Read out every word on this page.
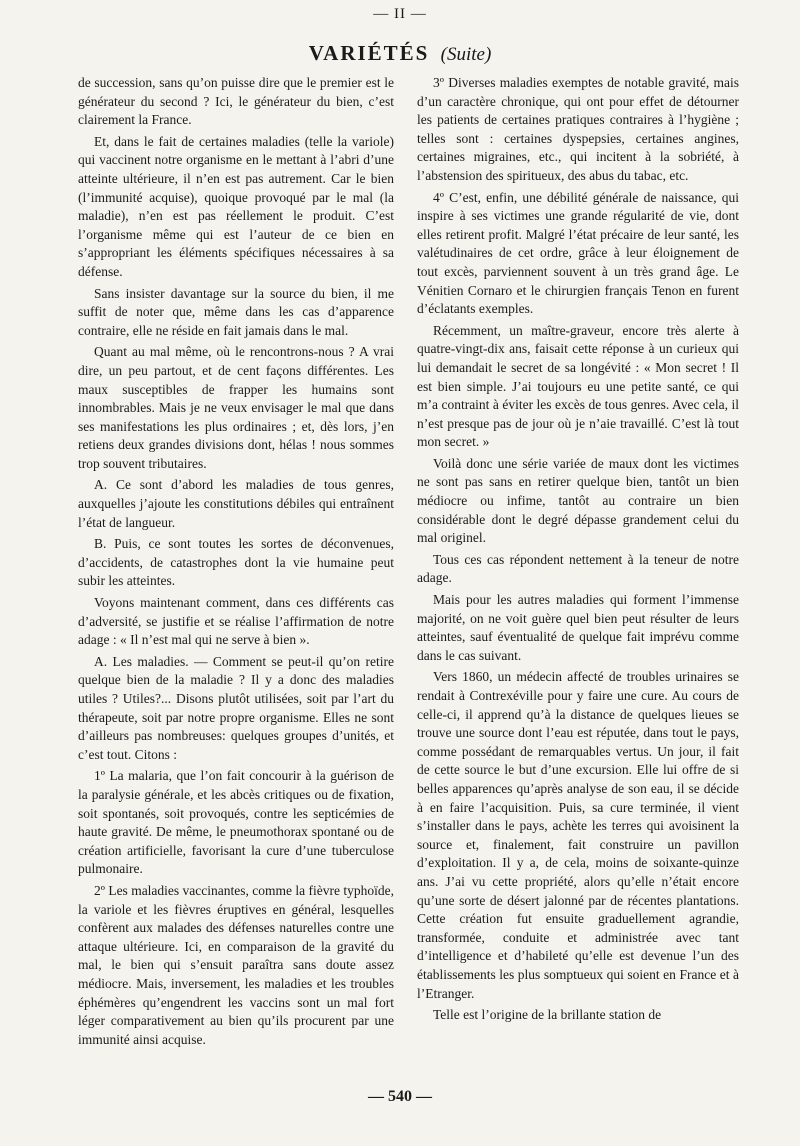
— II —
VARIÉTÉS (Suite)

de succession, sans qu’on puisse dire que le premier est le générateur du second ? Ici, le générateur du bien, c’est clairement la France.

Et, dans le fait de certaines maladies (telle la variole) qui vaccinent notre organisme en le mettant à l’abri d’une atteinte ultérieure, il n’en est pas autrement. Car le bien (l’immunité acquise), quoique provoqué par le mal (la maladie), n’en est pas réellement le produit. C’est l’organisme même qui est l’auteur de ce bien en s’appropriant les éléments spécifiques nécessaires à sa défense.

Sans insister davantage sur la source du bien, il me suffit de noter que, même dans les cas d’apparence contraire, elle ne réside en fait jamais dans le mal.

Quant au mal même, où le rencontrons-nous ? A vrai dire, un peu partout, et de cent façons différentes. Les maux susceptibles de frapper les humains sont innombrables. Mais je ne veux envisager le mal que dans ses manifestations les plus ordinaires ; et, dès lors, j’en retiens deux grandes divisions dont, hélas ! nous sommes trop souvent tributaires.

A. Ce sont d’abord les maladies de tous genres, auxquelles j’ajoute les constitutions débiles qui entraînent l’état de langueur.

B. Puis, ce sont toutes les sortes de déconvenues, d’accidents, de catastrophes dont la vie humaine peut subir les atteintes.

Voyons maintenant comment, dans ces différents cas d’adversité, se justifie et se réalise l’affirmation de notre adage : « Il n’est mal qui ne serve à bien ».

A. Les maladies. — Comment se peut-il qu’on retire quelque bien de la maladie ? Il y a donc des maladies utiles ? Utiles?... Disons plutôt utilisées, soit par l’art du thérapeute, soit par notre propre organisme. Elles ne sont d’ailleurs pas nombreuses: quelques groupes d’unités, et c’est tout. Citons :

1º La malaria, que l’on fait concourir à la guérison de la paralysie générale, et les abcès critiques ou de fixation, soit spontanés, soit provoqués, contre les septicémies de haute gravité. De même, le pneumothorax spontané ou de création artificielle, favorisant la cure d’une tuberculose pulmonaire.

2º Les maladies vaccinantes, comme la fièvre typhoïde, la variole et les fièvres éruptives en général, lesquelles confèrent aux malades des défenses naturelles contre une attaque ultérieure. Ici, en comparaison de la gravité du mal, le bien qui s’ensuit paraîtra sans doute assez médiocre. Mais, inversement, les maladies et les troubles éphémères qu’engendrent les vaccins sont un mal fort léger comparativement au bien qu’ils procurent par une immunité ainsi acquise.

3º Diverses maladies exemptes de notable gravité, mais d’un caractère chronique, qui ont pour effet de détourner les patients de certaines pratiques contraires à l’hygiène ; telles sont : certaines dyspepsies, certaines angines, certaines migraines, etc., qui incitent à la sobriété, à l’abstension des spiritueux, des abus du tabac, etc.

4º C’est, enfin, une débilité générale de naissance, qui inspire à ses victimes une grande régularité de vie, dont elles retirent profit. Malgré l’état précaire de leur santé, les valétudinaires de cet ordre, grâce à leur éloignement de tout excès, parviennent souvent à un très grand âge. Le Vénitien Cornaro et le chirurgien français Tenon en furent d’éclatants exemples.

Récemment, un maître-graveur, encore très alerte à quatre-vingt-dix ans, faisait cette réponse à un curieux qui lui demandait le secret de sa longévité : « Mon secret ! Il est bien simple. J’ai toujours eu une petite santé, ce qui m’a contraint à éviter les excès de tous genres. Avec cela, il n’est presque pas de jour où je n’aie travaillé. C’est là tout mon secret. »

Voilà donc une série variée de maux dont les victimes ne sont pas sans en retirer quelque bien, tantôt un bien médiocre ou infime, tantôt au contraire un bien considérable dont le degré dépasse grandement celui du mal originel.

Tous ces cas répondent nettement à la teneur de notre adage.

Mais pour les autres maladies qui forment l’immense majorité, on ne voit guère quel bien peut résulter de leurs atteintes, sauf éventualité de quelque fait imprévu comme dans le cas suivant.

Vers 1860, un médecin affecté de troubles urinaires se rendait à Contrexéville pour y faire une cure. Au cours de celle-ci, il apprend qu’à la distance de quelques lieues se trouve une source dont l’eau est réputée, dans tout le pays, comme possédant de remarquables vertus. Un jour, il fait de cette source le but d’une excursion. Elle lui offre de si belles apparences qu’après analyse de son eau, il se décide à en faire l’acquisition. Puis, sa cure terminée, il vient s’installer dans le pays, achète les terres qui avoisinent la source et, finalement, fait construire un pavillon d’exploitation. Il y a, de cela, moins de soixante-quinze ans. J’ai vu cette propriété, alors qu’elle n’était encore qu’une sorte de désert jalonné par de récentes plantations. Cette création fut ensuite graduellement agrandie, transformée, conduite et administrée avec tant d’intelligence et d’habileté qu’elle est devenue l’un des établissements les plus somptueux qui soient en France et à l’Etranger.

Telle est l’origine de la brillante station de

— 540 —
